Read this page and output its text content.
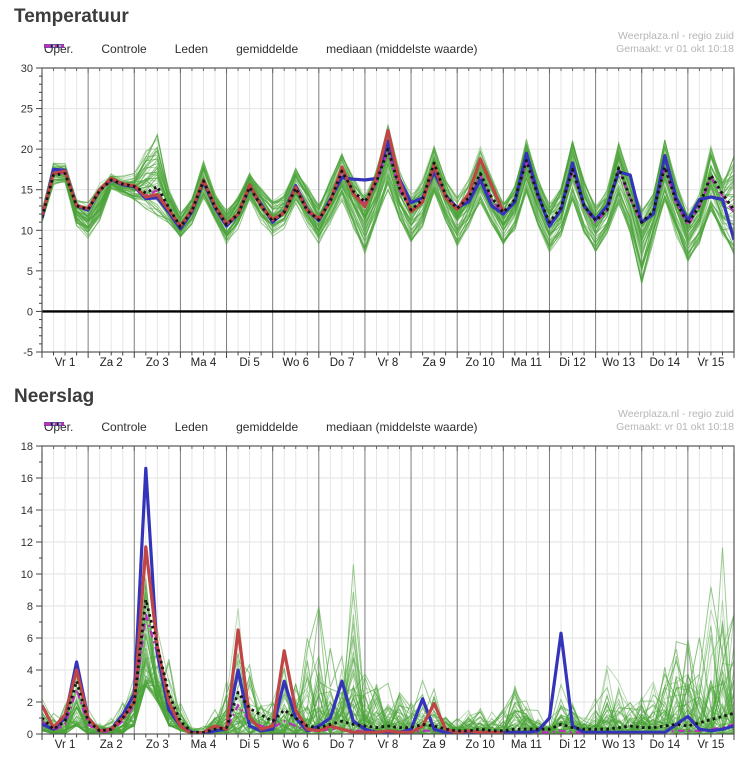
Temperatuur
Neerslag
Oper. Controle Leden gemiddelde mediaan (middelste waarde)
Oper. Controle Leden gemiddelde mediaan (middelste waarde)
Weerplaza.nl - regio zuid
Gemaakt: vr 01 okt 10:18
Weerplaza.nl - regio zuid
Gemaakt: vr 01 okt 10:18
-5
0
5
10
15
20
25
30
Vr 1 Za 2 Zo 3 Ma 4 Di 5 Wo 6 Do 7 Vr 8 Za 9 Zo 10 Ma 11 Di 12 Wo 13 Do 14 Vr 15
0
2
4
6
8
10
12
14
16
18
Vr 1 Za 2 Zo 3 Ma 4 Di 5 Wo 6 Do 7 Vr 8 Za 9 Zo 10 Ma 11 Di 12 Wo 13 Do 14 Vr 15
